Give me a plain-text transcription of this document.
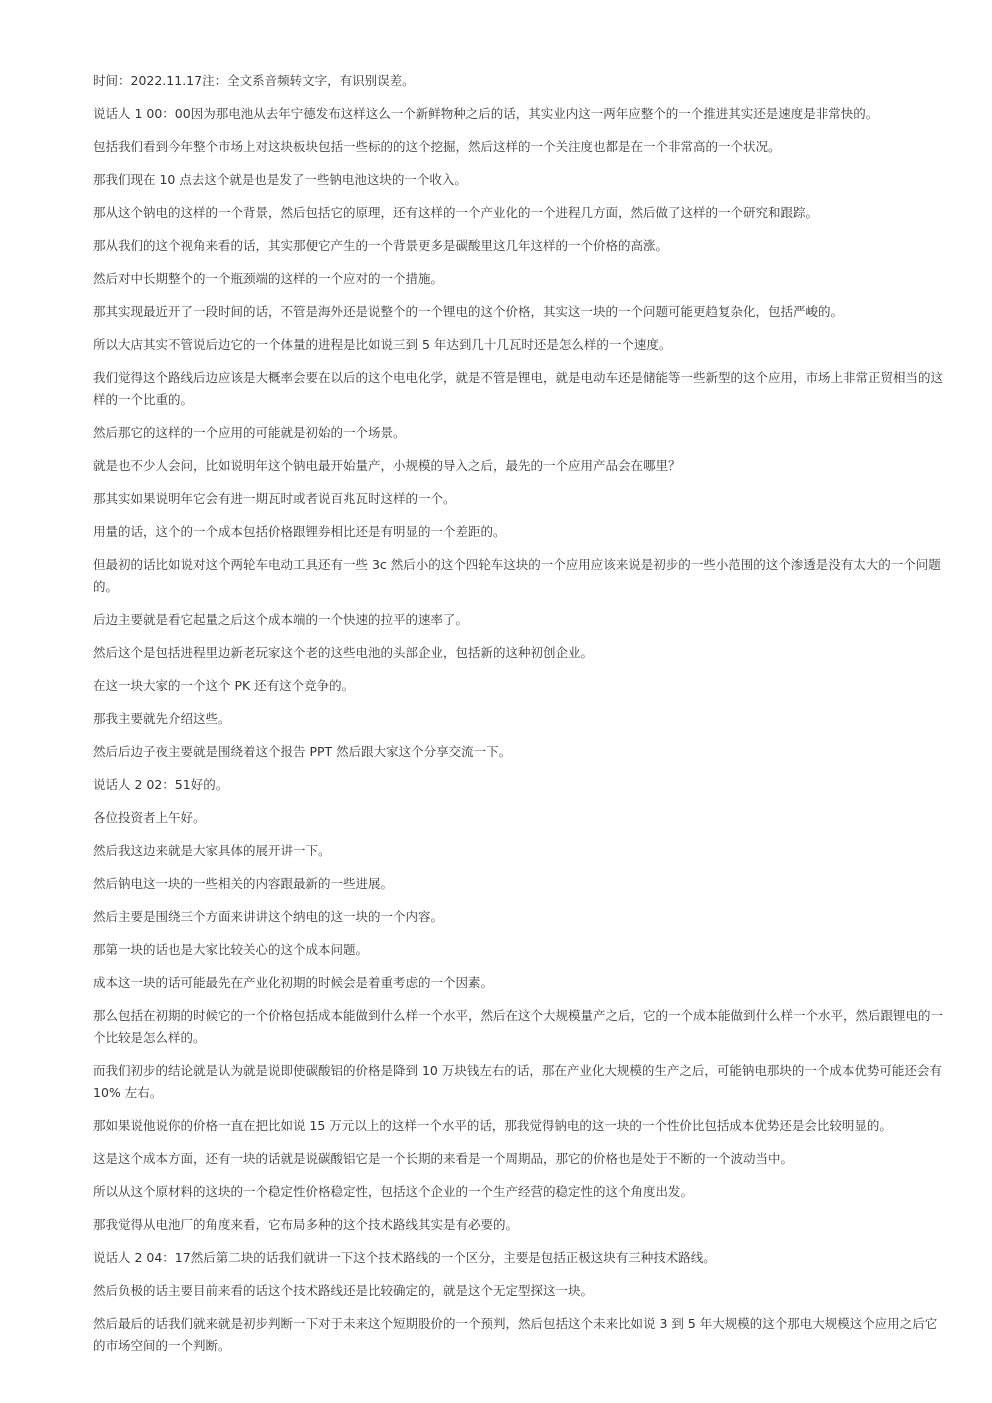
时间：2022.11.17注：全文系音频转文字，有识别误差。

说话人 1 00：00因为那电池从去年宁德发布这样这么一个新鲜物种之后的话，其实业内这一两年应整个的一个推进其实还是速度是非常快的。

包括我们看到今年整个市场上对这块板块包括一些标的的这个挖掘，然后这样的一个关注度也都是在一个非常高的一个状况。

那我们现在 10 点去这个就是也是发了一些钠电池这块的一个收入。

那从这个钠电的这样的一个背景，然后包括它的原理，还有这样的一个产业化的一个进程几方面，然后做了这样的一个研究和跟踪。

那从我们的这个视角来看的话，其实那便它产生的一个背景更多是碳酸里这几年这样的一个价格的高涨。

然后对中长期整个的一个瓶颈端的这样的一个应对的一个措施。

那其实现最近开了一段时间的话，不管是海外还是说整个的一个锂电的这个价格，其实这一块的一个问题可能更趋复杂化，包括严峻的。

所以大店其实不管说后边它的一个体量的进程是比如说三到 5 年达到几十几瓦时还是怎么样的一个速度。

我们觉得这个路线后边应该是大概率会要在以后的这个电电化学，就是不管是锂电，就是电动车还是储能等一些新型的这个应用，市场上非常正贸相当的这样的一个比重的。

然后那它的这样的一个应用的可能就是初始的一个场景。

就是也不少人会问，比如说明年这个钠电最开始量产，小规模的导入之后，最先的一个应用产品会在哪里？

那其实如果说明年它会有进一期瓦时或者说百兆瓦时这样的一个。

用量的话，这个的一个成本包括价格跟锂券相比还是有明显的一个差距的。

但最初的话比如说对这个两轮车电动工具还有一些 3c 然后小的这个四轮车这块的一个应用应该来说是初步的一些小范围的这个渗透是没有太大的一个问题的。

后边主要就是看它起量之后这个成本端的一个快速的拉平的速率了。

然后这个是包括进程里边新老玩家这个老的这些电池的头部企业，包括新的这种初创企业。

在这一块大家的一个这个 PK 还有这个竞争的。

那我主要就先介绍这些。

然后后边子夜主要就是围绕着这个报告 PPT 然后跟大家这个分享交流一下。

说话人 2 02：51好的。

各位投资者上午好。

然后我这边来就是大家具体的展开讲一下。

然后钠电这一块的一些相关的内容跟最新的一些进展。

然后主要是围绕三个方面来讲讲这个纳电的这一块的一个内容。

那第一块的话也是大家比较关心的这个成本问题。

成本这一块的话可能最先在产业化初期的时候会是着重考虑的一个因素。

那么包括在初期的时候它的一个价格包括成本能做到什么样一个水平，然后在这个大规模量产之后，它的一个成本能做到什么样一个水平，然后跟锂电的一个比较是怎么样的。

而我们初步的结论就是认为就是说即使碳酸铝的价格是降到 10 万块钱左右的话，那在产业化大规模的生产之后，可能钠电那块的一个成本优势可能还会有 10% 左右。

那如果说他说你的价格一直在把比如说 15 万元以上的这样一个水平的话，那我觉得钠电的这一块的一个性价比包括成本优势还是会比较明显的。

这是这个成本方面，还有一块的话就是说碳酸铝它是一个长期的来看是一个周期品，那它的价格也是处于不断的一个波动当中。

所以从这个原材料的这块的一个稳定性价格稳定性，包括这个企业的一个生产经营的稳定性的这个角度出发。

那我觉得从电池厂的角度来看，它布局多种的这个技术路线其实是有必要的。

说话人 2 04：17然后第二块的话我们就讲一下这个技术路线的一个区分，主要是包括正极这块有三种技术路线。

然后负极的话主要目前来看的话这个技术路线还是比较确定的，就是这个无定型探这一块。

然后最后的话我们就来就是初步判断一下对于未来这个短期股价的一个预判，然后包括这个未来比如说 3 到 5 年大规模的这个那电大规模这个应用之后它的市场空间的一个判断。
